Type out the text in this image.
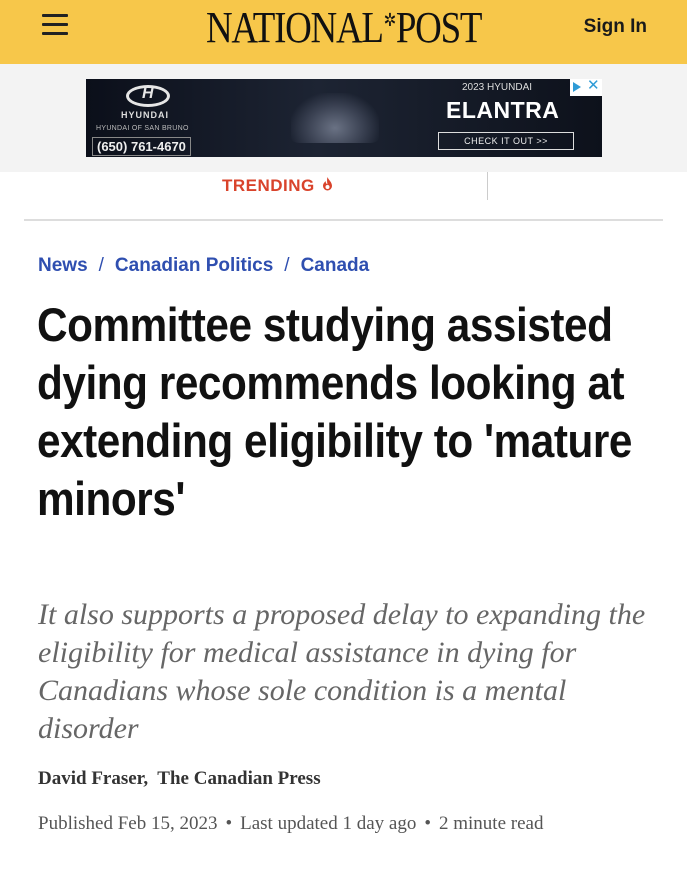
NATIONAL✲POST	Sign In
H
HYUNDAI
HYUNDAI OF SAN BRUNO
(650) 761-4670
2023 HYUNDAI
ELANTRA
CHECK IT OUT >>
✕
TRENDING
News / Canadian Politics / Canada
Committee studying assisted dying recommends looking at extending eligibility to 'mature minors'

It also supports a proposed delay to expanding the eligibility for medical assistance in dying for Canadians whose sole condition is a mental disorder

David Fraser, The Canadian Press
Published Feb 15, 2023 • Last updated 1 day ago • 2 minute read
